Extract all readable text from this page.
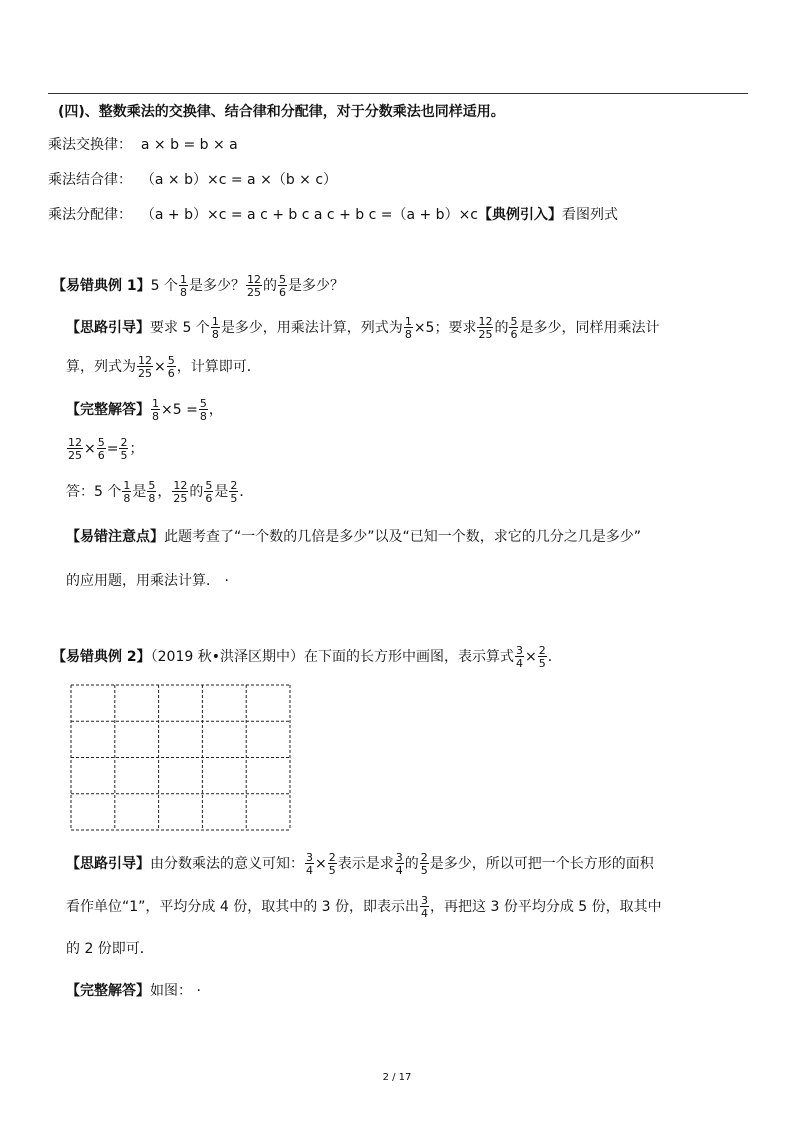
(四)、整数乘法的交换律、结合律和分配律，对于分数乘法也同样适用。
乘法交换律： a × b = b × a
乘法结合律： （a × b）×c = a ×（b × c）
乘法分配律： （a + b）×c = a c + b c a c + b c =（a + b）×c【典例引入】看图列式
【易错典例 1】5 个 $\frac{1}{8}$ 是多少？ $\frac{12}{25}$ 的 $\frac{5}{6}$ 是多少？
【思路引导】要求 5 个 $\frac{1}{8}$ 是多少，用乘法计算，列式为 $\frac{1}{8} \times 5$；要求 $\frac{12}{25}$ 的 $\frac{5}{6}$ 是多少，同样用乘法计
算，列式为 $\frac{12}{25} \times \frac{5}{6}$ ，计算即可．
【完整解答】 $\frac{1}{8} \times 5 = \frac{5}{8}$ ，
$\frac{12}{25} \times \frac{5}{6} = \frac{2}{5}$ ；
答：5 个 $\frac{1}{8}$ 是 $\frac{5}{8}$ ， $\frac{12}{25}$ 的 $\frac{5}{6}$ 是 $\frac{2}{5}$ ．
【易错注意点】此题考查了“一个数的几倍是多少”以及“已知一个数，求它的几分之几是多少”
的应用题，用乘法计算． ·
【易错典例 2】（2019 秋•洪泽区期中）在下面的长方形中画图，表示算式 $\frac{3}{4} \times \frac{2}{5}$ ．
【思路引导】由分数乘法的意义可知： $\frac{3}{4} \times \frac{2}{5}$ 表示是求 $\frac{3}{4}$ 的 $\frac{2}{5}$ 是多少，所以可把一个长方形的面积
看作单位“1”，平均分成 4 份，取其中的 3 份，即表示出 $\frac{3}{4}$ ，再把这 3 份平均分成 5 份，取其中
的 2 份即可．
【完整解答】如图： ·
2 / 17
